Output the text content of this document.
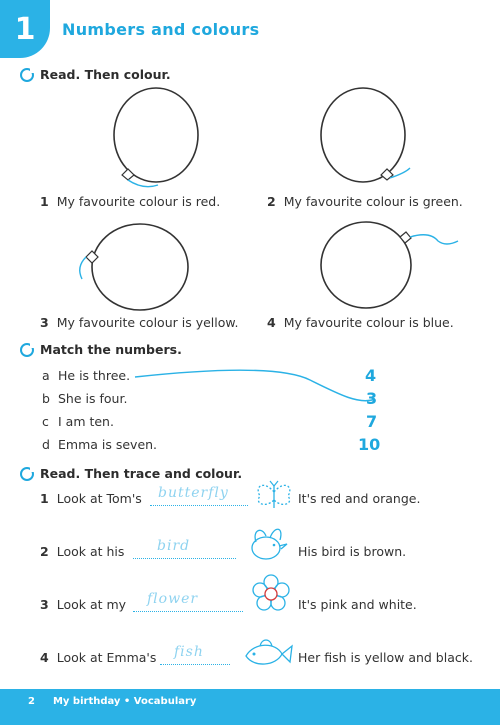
1	Numbers and colours
Read. Then colour.
1 My favourite colour is red.	2 My favourite colour is green.
3 My favourite colour is yellow. 4 My favourite colour is blue.
Match the numbers.
a He is three.
b She is four.
c I am ten.
d Emma is seven.
4
3
7
10
Read. Then trace and colour.
1 Look at Tom's butterfly	It's red and orange.
2 Look at his bird	His bird is brown.
3 Look at my flower	It's pink and white.
4 Look at Emma's fish	Her fish is yellow and black.
2 My birthday • Vocabulary
